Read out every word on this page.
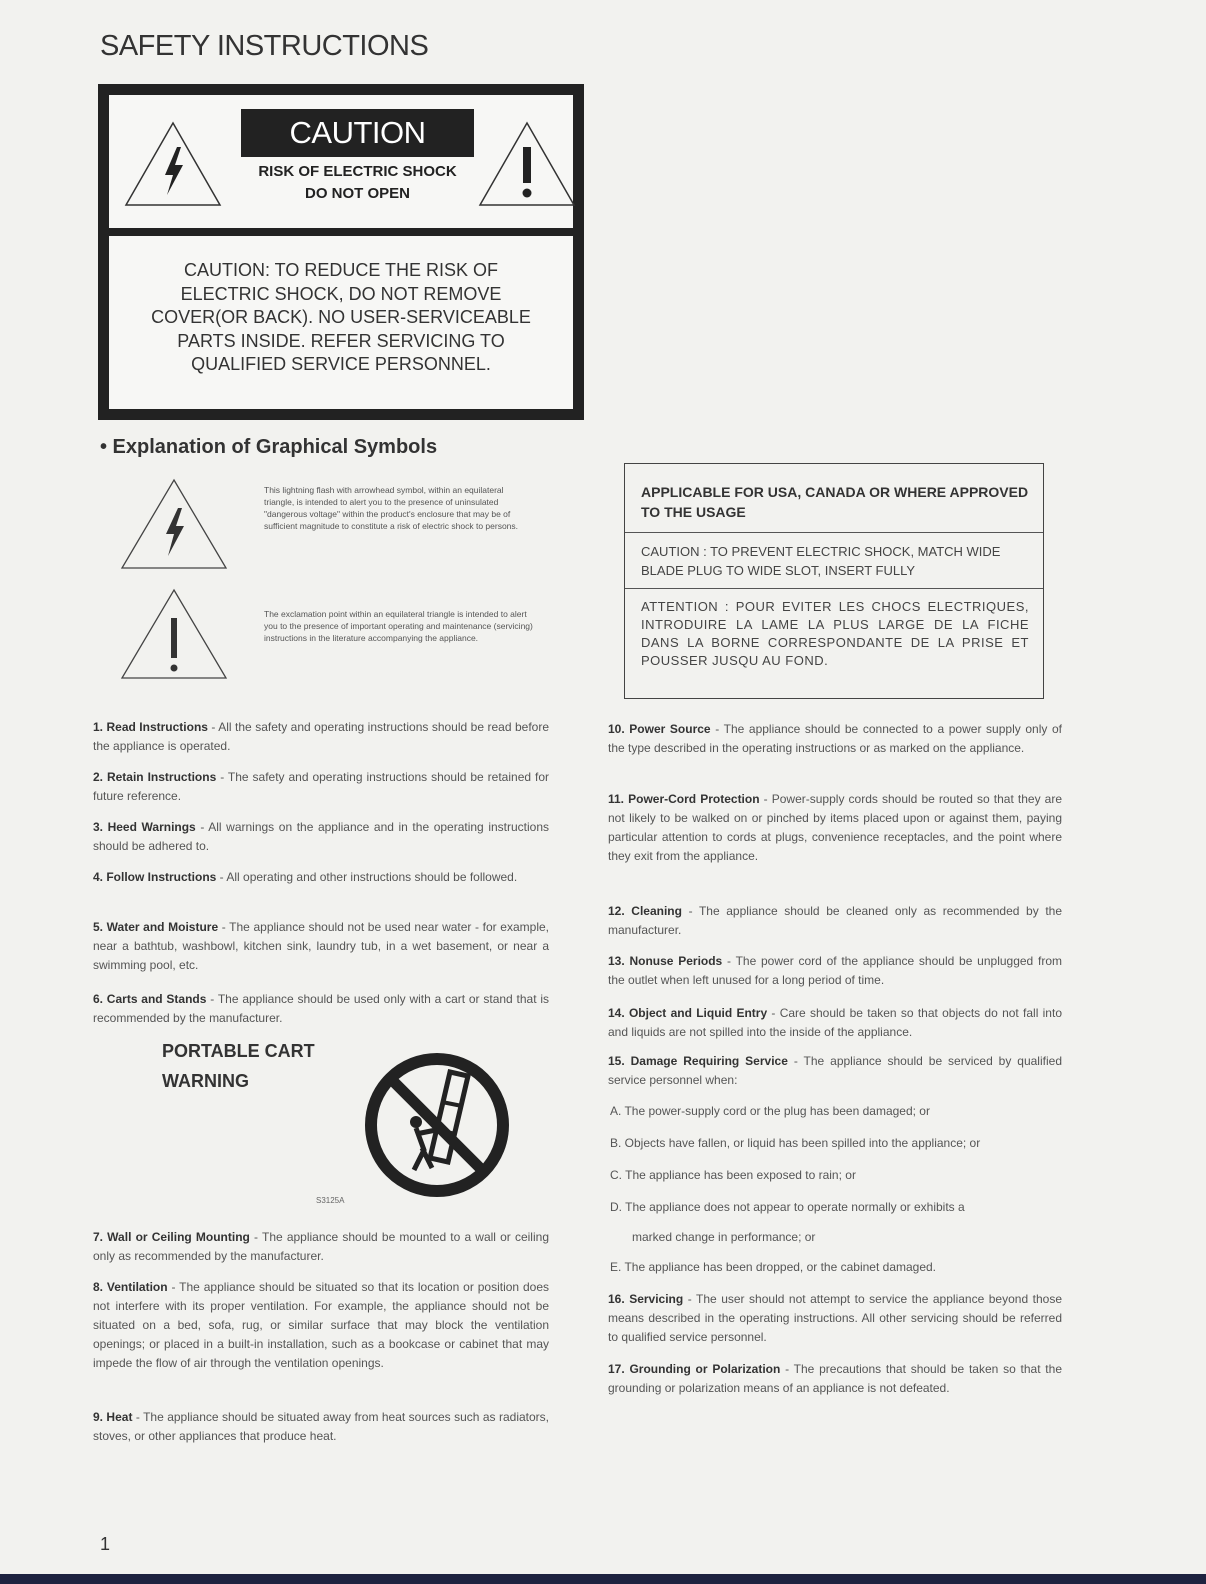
SAFETY INSTRUCTIONS
CAUTION
RISK OF ELECTRIC SHOCK
DO NOT OPEN
CAUTION: TO REDUCE THE RISK OF
ELECTRIC SHOCK, DO NOT REMOVE
COVER(OR BACK). NO USER-SERVICEABLE
PARTS INSIDE. REFER SERVICING TO
QUALIFIED SERVICE PERSONNEL.
• Explanation of Graphical Symbols
This lightning flash with arrowhead symbol, within an equilateral triangle, is intended to alert you to the presence of uninsulated "dangerous voltage" within the product's enclosure that may be of sufficient magnitude to constitute a risk of electric shock to persons.
The exclamation point within an equilateral triangle is intended to alert you to the presence of important operating and maintenance (servicing) instructions in the literature accompanying the appliance.
APPLICABLE FOR USA, CANADA OR WHERE APPROVED TO THE USAGE
CAUTION : TO PREVENT ELECTRIC SHOCK, MATCH WIDE BLADE PLUG TO WIDE SLOT, INSERT FULLY
ATTENTION : POUR EVITER LES CHOCS ELECTRIQUES, INTRODUIRE LA LAME LA PLUS LARGE DE LA FICHE DANS LA BORNE CORRESPONDANTE DE LA PRISE ET POUSSER JUSQU AU FOND.
1. Read Instructions - All the safety and operating instructions should be read before the appliance is operated.
2. Retain Instructions - The safety and operating instructions should be retained for future reference.
3. Heed Warnings - All warnings on the appliance and in the operating instructions should be adhered to.
4. Follow Instructions - All operating and other instructions should be followed.
5. Water and Moisture - The appliance should not be used near water - for example, near a bathtub, washbowl, kitchen sink, laundry tub, in a wet basement, or near a swimming pool, etc.
6. Carts and Stands - The appliance should be used only with a cart or stand that is recommended by the manufacturer.
PORTABLE CART
WARNING
S3125A
7. Wall or Ceiling Mounting - The appliance should be mounted to a wall or ceiling only as recommended by the manufacturer.
8. Ventilation - The appliance should be situated so that its location or position does not interfere with its proper ventilation. For example, the appliance should not be situated on a bed, sofa, rug, or similar surface that may block the ventilation openings; or placed in a built-in installation, such as a bookcase or cabinet that may impede the flow of air through the ventilation openings.
9. Heat - The appliance should be situated away from heat sources such as radiators, stoves, or other appliances that produce heat.
10. Power Source - The appliance should be connected to a power supply only of the type described in the operating instructions or as marked on the appliance.
11. Power-Cord Protection - Power-supply cords should be routed so that they are not likely to be walked on or pinched by items placed upon or against them, paying particular attention to cords at plugs, convenience receptacles, and the point where they exit from the appliance.
12. Cleaning - The appliance should be cleaned only as recommended by the manufacturer.
13. Nonuse Periods - The power cord of the appliance should be unplugged from the outlet when left unused for a long period of time.
14. Object and Liquid Entry - Care should be taken so that objects do not fall into and liquids are not spilled into the inside of the appliance.
15. Damage Requiring Service - The appliance should be serviced by qualified service personnel when:
A. The power-supply cord or the plug has been damaged; or
B. Objects have fallen, or liquid has been spilled into the appliance; or
C. The appliance has been exposed to rain; or
D. The appliance does not appear to operate normally or exhibits a
marked change in performance; or
E. The appliance has been dropped, or the cabinet damaged.
16. Servicing - The user should not attempt to service the appliance beyond those means described in the operating instructions. All other servicing should be referred to qualified service personnel.
17. Grounding or Polarization - The precautions that should be taken so that the grounding or polarization means of an appliance is not defeated.
1
